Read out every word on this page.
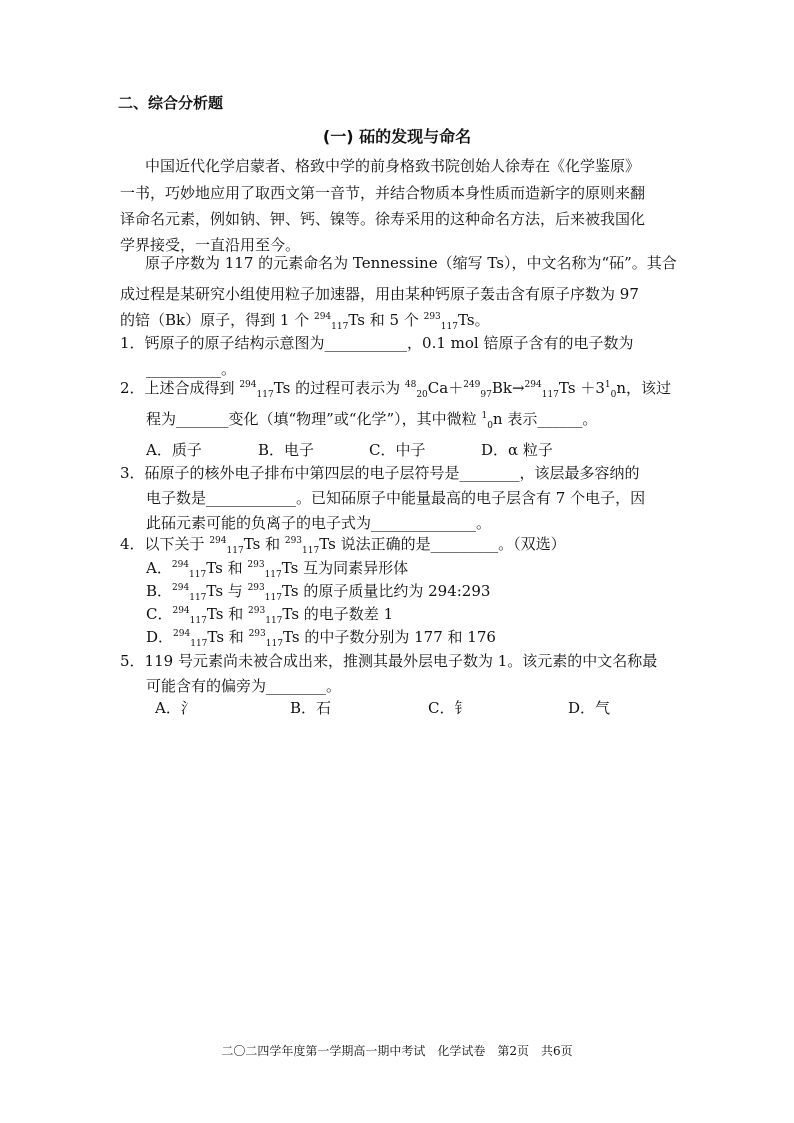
二、综合分析题
(一) 砳的发现与命名
中国近代化学启蒙者、格致中学的前身格致书院创始人徐寿在《化学鉴原》
一书，巧妙地应用了取西文第一音节，并结合物质本身性质而造新字的原则来翻
译命名元素，例如钠、钾、钙、镍等。徐寿采用的这种命名方法，后来被我国化
学界接受，一直沿用至今。
原子序数为 117 的元素命名为 Tennessine（缩写 Ts），中文名称为“砳”。其合
成过程是某研究小组使用粒子加速器，用由某种钙原子轰击含有原子序数为 97
的锫（Bk）原子，得到 1 个 $^{294}_{117}$Ts 和 5 个 $^{293}_{117}$Ts。
1．钙原子的原子结构示意图为___________，0.1 mol 锫原子含有的电子数为
__________。
2．上述合成得到 $^{294}_{117}$Ts 的过程可表示为 $^{48}_{20}Ca+^{249}_{97}Bk\to^{294}_{117}Ts +3^1_0n$，该过
程为_______变化（填“物理”或“化学”），其中微粒 $^1_0$n 表示______。
A．质子	B．电子	C．中子	D．α 粒子
3．砳原子的核外电子排布中第四层的电子层符号是________，该层最多容纳的
电子数是____________。已知砳原子中能量最高的电子层含有 7 个电子，因
此砳元素可能的负离子的电子式为______________。
4．以下关于 $^{294}_{117}$Ts 和 $^{293}_{117}$Ts 说法正确的是_________。（双选）
A．$^{294}_{117}$Ts 和 $^{293}_{117}$Ts 互为同素异形体
B．$^{294}_{117}$Ts 与 $^{293}_{117}$Ts 的原子质量比约为 294:293
C．$^{294}_{117}$Ts 和 $^{293}_{117}$Ts 的电子数差 1
D．$^{294}_{117}$Ts 和 $^{293}_{117}$Ts 的中子数分别为 177 和 176
5．119 号元素尚未被合成出来，推测其最外层电子数为 1。该元素的中文名称最
可能含有的偏旁为________。
A．氵	B．石	C．钅	D．气
二〇二四学年度第一学期高一期中考试　化学试卷　第2页　共6页
